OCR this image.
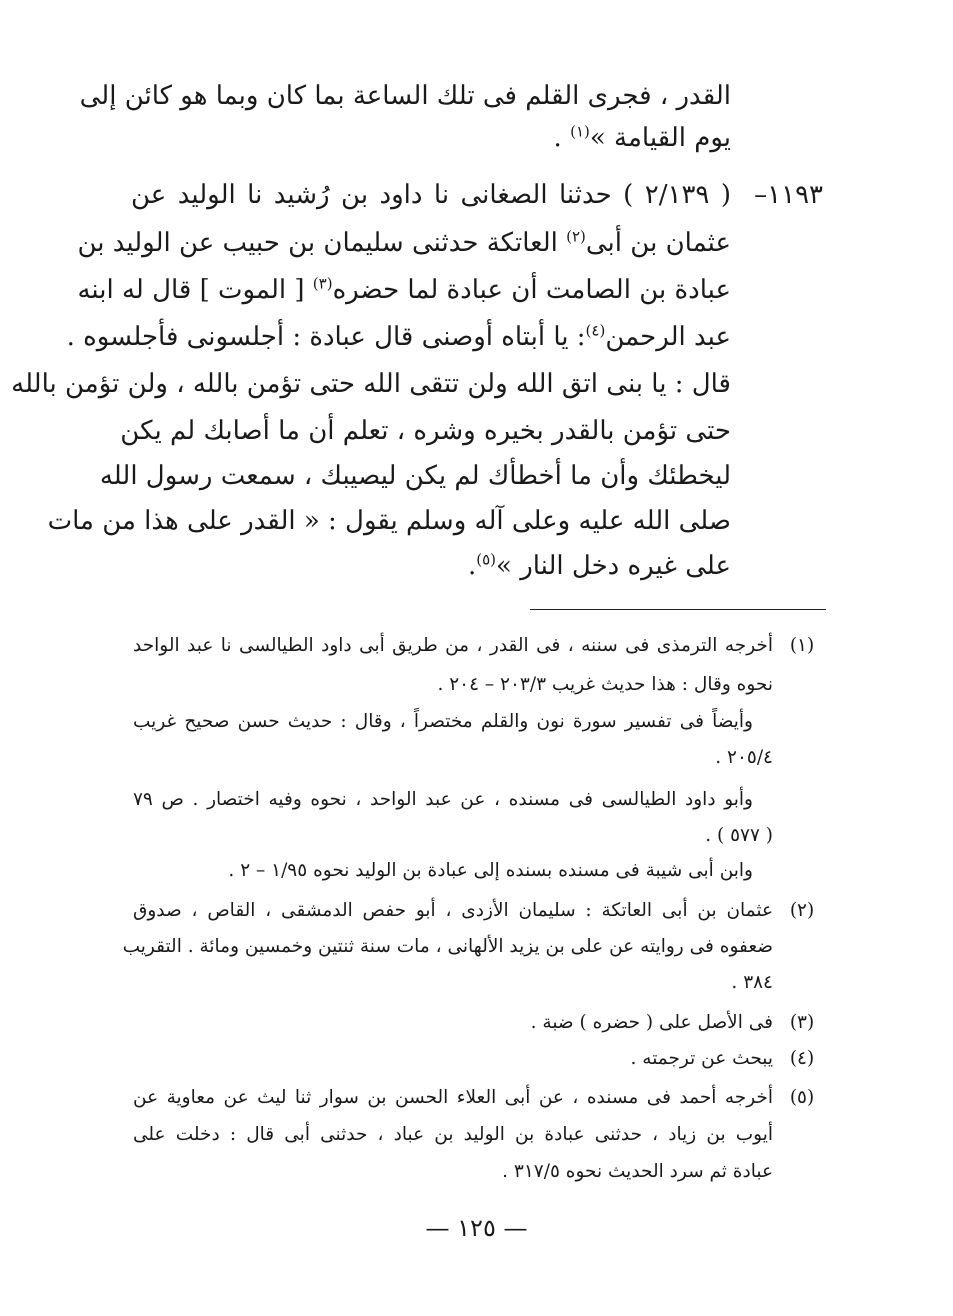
القدر ، فجرى القلم فى تلك الساعة بما كان وبما هو كائن إلى
يوم القيامة »$^{(١)}$ .
١١٩٣–
( ٢/١٣٩ ) حدثنا الصغانى نا داود بن رُشيد نا الوليد عن
عثمان بن أبى$^{(٢)}$ العاتكة حدثنى سليمان بن حبيب عن الوليد بن
عبادة بن الصامت أن عبادة لما حضره$^{(٣)}$ [ الموت ] قال له ابنه
عبد الرحمن$^{(٤)}$: يا أبتاه أوصنى قال عبادة : أجلسونى فأجلسوه .
قال : يا بنى اتق الله ولن تتقى الله حتى تؤمن بالله ، ولن تؤمن بالله
حتى تؤمن بالقدر بخيره وشره ، تعلم أن ما أصابك لم يكن
ليخطئك وأن ما أخطأك لم يكن ليصيبك ، سمعت رسول الله
صلى الله عليه وعلى آله وسلم يقول : « القدر على هذا من مات
على غيره دخل النار »$^{(٥)}$.
(١)
أخرجه الترمذى فى سننه ، فى القدر ، من طريق أبى داود الطيالسى نا عبد الواحد
نحوه وقال : هذا حديث غريب ٢٠٣/٣ – ٢٠٤ .
وأيضاً فى تفسير سورة نون والقلم مختصراً ، وقال : حديث حسن صحيح غريب
٢٠٥/٤ .
وأبو داود الطيالسى فى مسنده ، عن عبد الواحد ، نحوه وفيه اختصار . ص ٧٩
( ٥٧٧ ) .
وابن أبى شيبة فى مسنده بسنده إلى عبادة بن الوليد نحوه ١/٩٥ – ٢ .
(٢)
عثمان بن أبى العاتكة : سليمان الأزدى ، أبو حفص الدمشقى ، القاص ، صدوق
ضعفوه فى روايته عن على بن يزيد الألهانى ، مات سنة ثنتين وخمسين ومائة . التقريب
٣٨٤ .
(٣)
فى الأصل على ( حضره ) ضبة .
(٤)
يبحث عن ترجمته .
(٥)
أخرجه أحمد فى مسنده ، عن أبى العلاء الحسن بن سوار ثنا ليث عن معاوية عن
أيوب بن زياد ، حدثنى عبادة بن الوليد بن عباد ، حدثنى أبى قال : دخلت على
عبادة ثم سرد الحديث نحوه ٣١٧/٥ .
— ١٢٥ —
